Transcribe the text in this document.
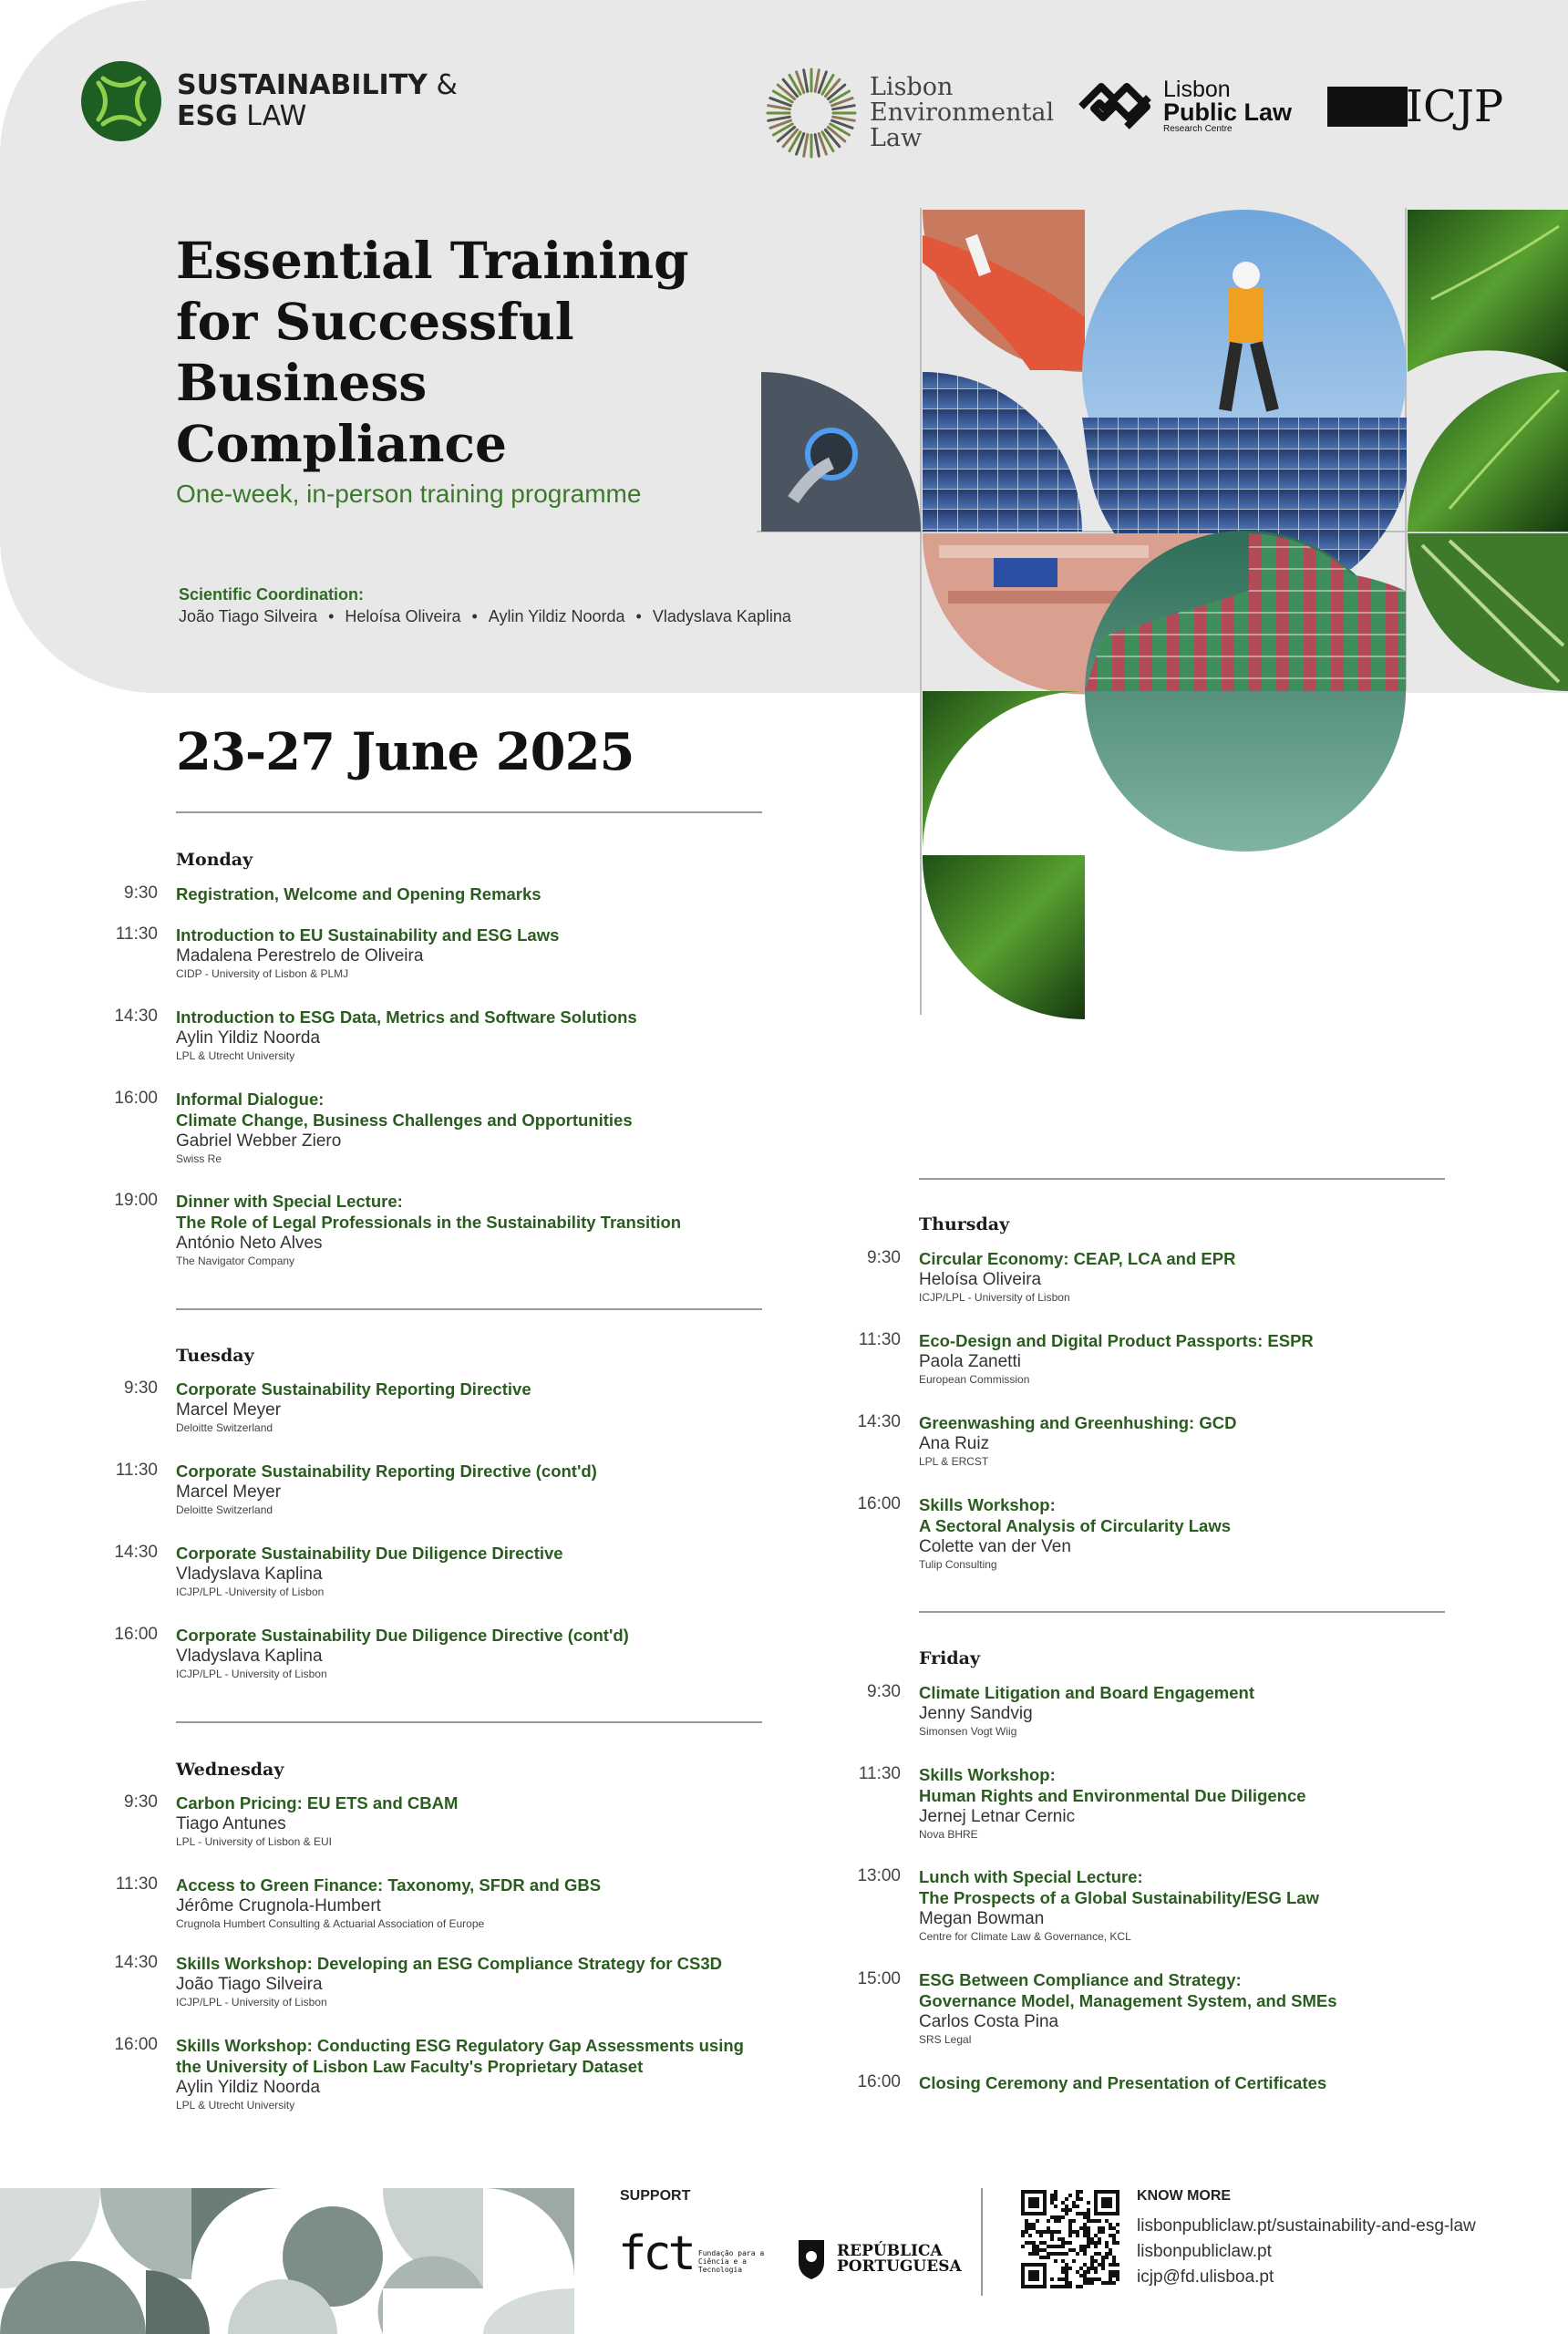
SUSTAINABILITY &
ESG LAW
Lisbon
Environmental
Law
Lisbon
Public Law
Research Centre	ICJP
Essential Training
for Successful Business
Compliance
One-week, in-person training programme
Scientific Coordination:
João Tiago Silveira • Heloísa Oliveira • Aylin Yildiz Noorda • Vladyslava Kaplina
23-27 June 2025
Monday
9:30 Registration, Welcome and Opening Remarks
11:30 Introduction to EU Sustainability and ESG Laws
Madalena Perestrelo de Oliveira
CIDP - University of Lisbon & PLMJ
14:30 Introduction to ESG Data, Metrics and Software Solutions
Aylin Yildiz Noorda
LPL & Utrecht University
16:00 Informal Dialogue:
Climate Change, Business Challenges and Opportunities
Gabriel Webber Ziero
Swiss Re
19:00 Dinner with Special Lecture:
The Role of Legal Professionals in the Sustainability Transition
António Neto Alves
The Navigator Company
Tuesday
9:30 Corporate Sustainability Reporting Directive
Marcel Meyer
Deloitte Switzerland
11:30 Corporate Sustainability Reporting Directive (cont'd)
Marcel Meyer
Deloitte Switzerland
14:30 Corporate Sustainability Due Diligence Directive
Vladyslava Kaplina
ICJP/LPL -University of Lisbon
16:00 Corporate Sustainability Due Diligence Directive (cont'd)
Vladyslava Kaplina
ICJP/LPL - University of Lisbon
Wednesday
9:30 Carbon Pricing: EU ETS and CBAM
Tiago Antunes
LPL - University of Lisbon & EUI
11:30 Access to Green Finance: Taxonomy, SFDR and GBS
Jérôme Crugnola-Humbert
Crugnola Humbert Consulting & Actuarial Association of Europe
14:30 Skills Workshop: Developing an ESG Compliance Strategy for CS3D
João Tiago Silveira
ICJP/LPL - University of Lisbon
16:00 Skills Workshop: Conducting ESG Regulatory Gap Assessments using
the University of Lisbon Law Faculty's Proprietary Dataset
Aylin Yildiz Noorda
LPL & Utrecht University
Thursday
9:30 Circular Economy: CEAP, LCA and EPR
Heloísa Oliveira
ICJP/LPL - University of Lisbon
11:30 Eco-Design and Digital Product Passports: ESPR
Paola Zanetti
European Commission
14:30 Greenwashing and Greenhushing: GCD
Ana Ruiz
LPL & ERCST
16:00 Skills Workshop:
A Sectoral Analysis of Circularity Laws
Colette van der Ven
Tulip Consulting
Friday
9:30 Climate Litigation and Board Engagement
Jenny Sandvig
Simonsen Vogt Wiig
11:30 Skills Workshop:
Human Rights and Environmental Due Diligence
Jernej Letnar Cernic
Nova BHRE
13:00 Lunch with Special Lecture:
The Prospects of a Global Sustainability/ESG Law
Megan Bowman
Centre for Climate Law & Governance, KCL
15:00 ESG Between Compliance and Strategy:
Governance Model, Management System, and SMEs
Carlos Costa Pina
SRS Legal
16:00 Closing Ceremony and Presentation of Certificates
SUPPORT
fct Fundação para a Ciência e a Tecnologia
REPÚBLICA
PORTUGUESA
KNOW MORE
lisbonpubliclaw.pt/sustainability-and-esg-law
lisbonpubliclaw.pt
icjp@fd.ulisboa.pt
